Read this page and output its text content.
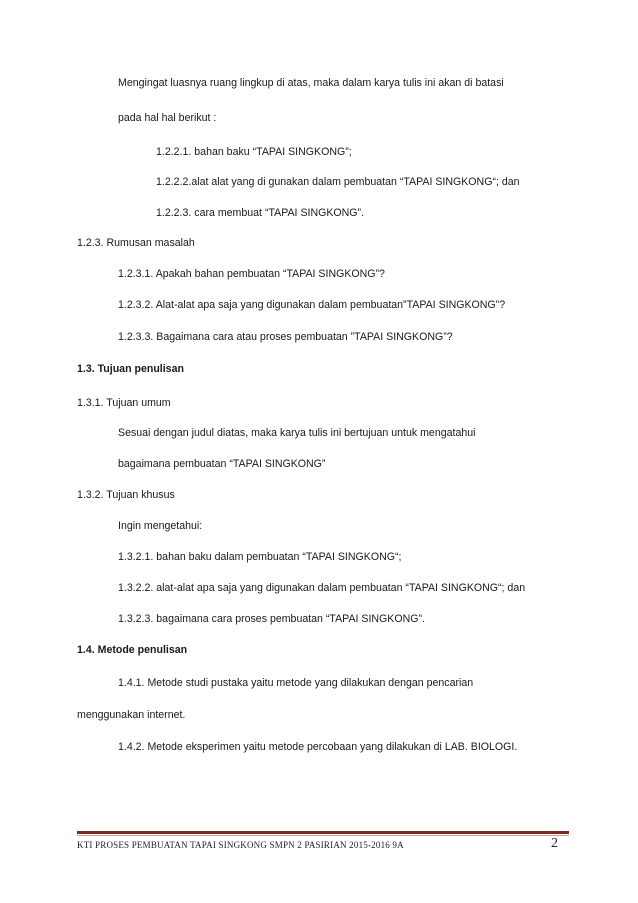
Mengingat luasnya ruang lingkup di atas, maka dalam karya tulis ini akan di batasi
pada hal hal berikut :
1.2.2.1. bahan baku “TAPAI SINGKONG”;
1.2.2.2.alat alat yang di gunakan dalam pembuatan “TAPAI SINGKONG“; dan
1.2.2.3. cara membuat “TAPAI SINGKONG”.
1.2.3. Rumusan masalah
1.2.3.1. Apakah bahan pembuatan “TAPAI SINGKONG”?
1.2.3.2. Alat-alat apa saja yang digunakan dalam pembuatan”TAPAI SINGKONG”?
1.2.3.3. Bagaimana cara atau proses pembuatan ”TAPAI SINGKONG”?
1.3. Tujuan penulisan
1.3.1. Tujuan umum
Sesuai dengan judul diatas, maka karya tulis ini bertujuan untuk mengatahui
bagaimana pembuatan “TAPAI SINGKONG”
1.3.2. Tujuan khusus
Ingin mengetahui:
1.3.2.1. bahan baku dalam pembuatan “TAPAI SINGKONG“;
1.3.2.2. alat-alat apa saja yang digunakan dalam pembuatan “TAPAI SINGKONG“; dan
1.3.2.3. bagaimana cara proses pembuatan “TAPAI SINGKONG”.
1.4. Metode penulisan
1.4.1. Metode studi pustaka yaitu metode yang dilakukan dengan pencarian
menggunakan internet.
1.4.2. Metode eksperimen yaitu metode percobaan yang dilakukan di LAB. BIOLOGI.
KTI PROSES PEMBUATAN TAPAI SINGKONG SMPN 2 PASIRIAN 2015-2016 9A	2
